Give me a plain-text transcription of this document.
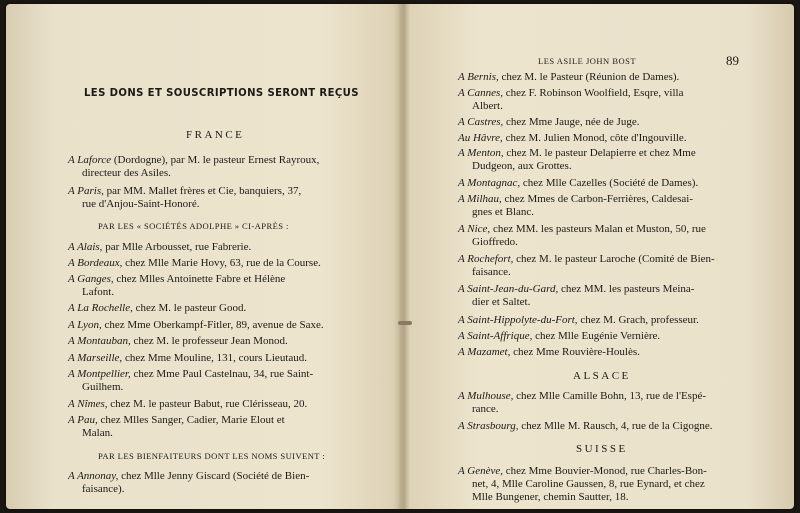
LES DONS ET SOUSCRIPTIONS SERONT REÇUS
FRANCE
A Laforce (Dordogne), par M. le pasteur Ernest Rayroux,
directeur des Asiles.
A Paris, par MM. Mallet frères et Cie, banquiers, 37,
rue d'Anjou-Saint-Honoré.
PAR LES « SOCIÉTÉS ADOLPHE » CI-APRÈS :
A Alais, par Mlle Arbousset, rue Fabrerie.
A Bordeaux, chez Mlle Marie Hovy, 63, rue de la Course.
A Ganges, chez Mlles Antoinette Fabre et Hélène
Lafont.
A La Rochelle, chez M. le pasteur Good.
A Lyon, chez Mme Oberkampf-Fitler, 89, avenue de Saxe.
A Montauban, chez M. le professeur Jean Monod.
A Marseille, chez Mme Mouline, 131, cours Lieutaud.
A Montpellier, chez Mme Paul Castelnau, 34, rue Saint-
Guilhem.
A Nîmes, chez M. le pasteur Babut, rue Clérisseau, 20.
A Pau, chez Mlles Sanger, Cadier, Marie Elout et
Malan.
PAR LES BIENFAITEURS DONT LES NOMS SUIVENT :
A Annonay, chez Mlle Jenny Giscard (Société de Bien-
faisance).
LES ASILE JOHN BOST	89
A Bernis, chez M. le Pasteur (Réunion de Dames).
A Cannes, chez F. Robinson Woolfield, Esqre, villa
Albert.
A Castres, chez Mme Jauge, née de Juge.
Au Hâvre, chez M. Julien Monod, côte d'Ingouville.
A Menton, chez M. le pasteur Delapierre et chez Mme
Dudgeon, aux Grottes.
A Montagnac, chez Mlle Cazelles (Société de Dames).
A Milhau, chez Mmes de Carbon-Ferrières, Caldesai-
gnes et Blanc.
A Nice, chez MM. les pasteurs Malan et Muston, 50, rue
Gioffredo.
A Rochefort, chez M. le pasteur Laroche (Comité de Bien-
faisance.
A Saint-Jean-du-Gard, chez MM. les pasteurs Meina-
dier et Saltet.
A Saint-Hippolyte-du-Fort, chez M. Grach, professeur.
A Saint-Affrique, chez Mlle Eugénie Vernière.
A Mazamet, chez Mme Rouvière-Houlès.
ALSACE
A Mulhouse, chez Mlle Camille Bohn, 13, rue de l'Espé-
rance.
A Strasbourg, chez Mlle M. Rausch, 4, rue de la Cigogne.
SUISSE
A Genève, chez Mme Bouvier-Monod, rue Charles-Bon-
net, 4, Mlle Caroline Gaussen, 8, rue Eynard, et chez
Mlle Bungener, chemin Sautter, 18.
